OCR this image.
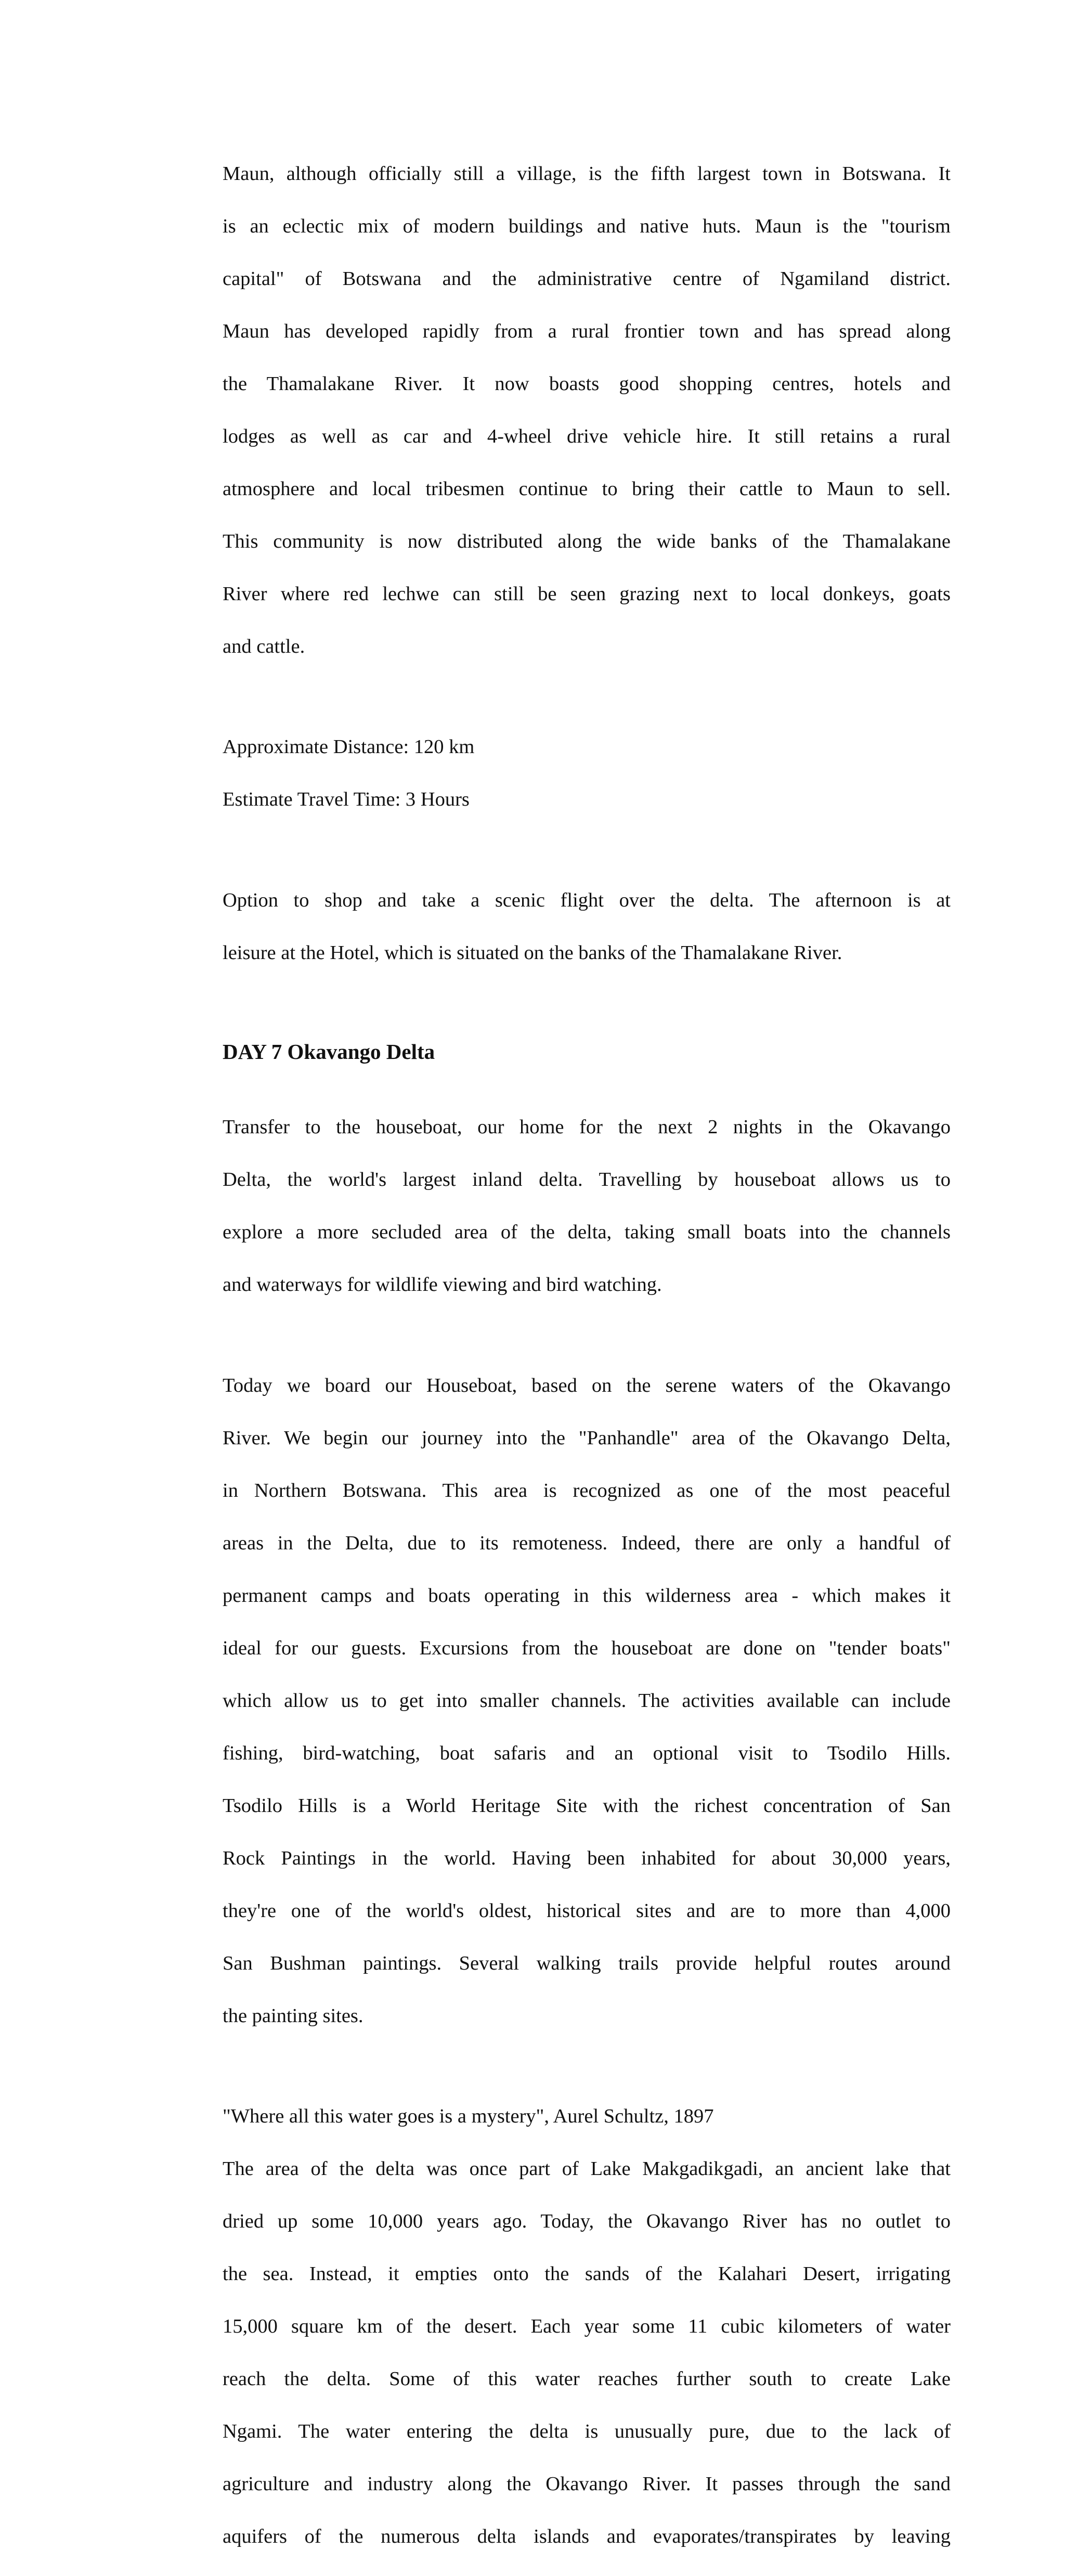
Maun, although officially still a village, is the fifth largest town in Botswana. It

is an eclectic mix of modern buildings and native huts. Maun is the "tourism

capital" of Botswana and the administrative centre of Ngamiland district.

Maun has developed rapidly from a rural frontier town and has spread along

the Thamalakane River. It now boasts good shopping centres, hotels and

lodges as well as car and 4-wheel drive vehicle hire. It still retains a rural

atmosphere and local tribesmen continue to bring their cattle to Maun to sell.

This community is now distributed along the wide banks of the Thamalakane

River where red lechwe can still be seen grazing next to local donkeys, goats

and cattle.

Approximate Distance: 120 km

Estimate Travel Time: 3 Hours

Option to shop and take a scenic flight over the delta. The afternoon is at

leisure at the Hotel, which is situated on the banks of the Thamalakane River.

DAY 7 Okavango Delta

Transfer to the houseboat, our home for the next 2 nights in the Okavango

Delta, the world's largest inland delta. Travelling by houseboat allows us to

explore a more secluded area of the delta, taking small boats into the channels

and waterways for wildlife viewing and bird watching.

Today we board our Houseboat, based on the serene waters of the Okavango

River. We begin our journey into the "Panhandle" area of the Okavango Delta,

in Northern Botswana. This area is recognized as one of the most peaceful

areas in the Delta, due to its remoteness. Indeed, there are only a handful of

permanent camps and boats operating in this wilderness area - which makes it

ideal for our guests. Excursions from the houseboat are done on "tender boats"

which allow us to get into smaller channels. The activities available can include

fishing, bird-watching, boat safaris and an optional visit to Tsodilo Hills.

Tsodilo Hills is a World Heritage Site with the richest concentration of San

Rock Paintings in the world. Having been inhabited for about 30,000 years,

they're one of the world's oldest, historical sites and are to more than 4,000

San Bushman paintings. Several walking trails provide helpful routes around

the painting sites.

"Where all this water goes is a mystery", Aurel Schultz, 1897

The area of the delta was once part of Lake Makgadikgadi, an ancient lake that

dried up some 10,000 years ago. Today, the Okavango River has no outlet to

the sea. Instead, it empties onto the sands of the Kalahari Desert, irrigating

15,000 square km of the desert. Each year some 11 cubic kilometers of water

reach the delta. Some of this water reaches further south to create Lake

Ngami. The water entering the delta is unusually pure, due to the lack of

agriculture and industry along the Okavango River. It passes through the sand

aquifers of the numerous delta islands and evaporates/transpirates by leaving
